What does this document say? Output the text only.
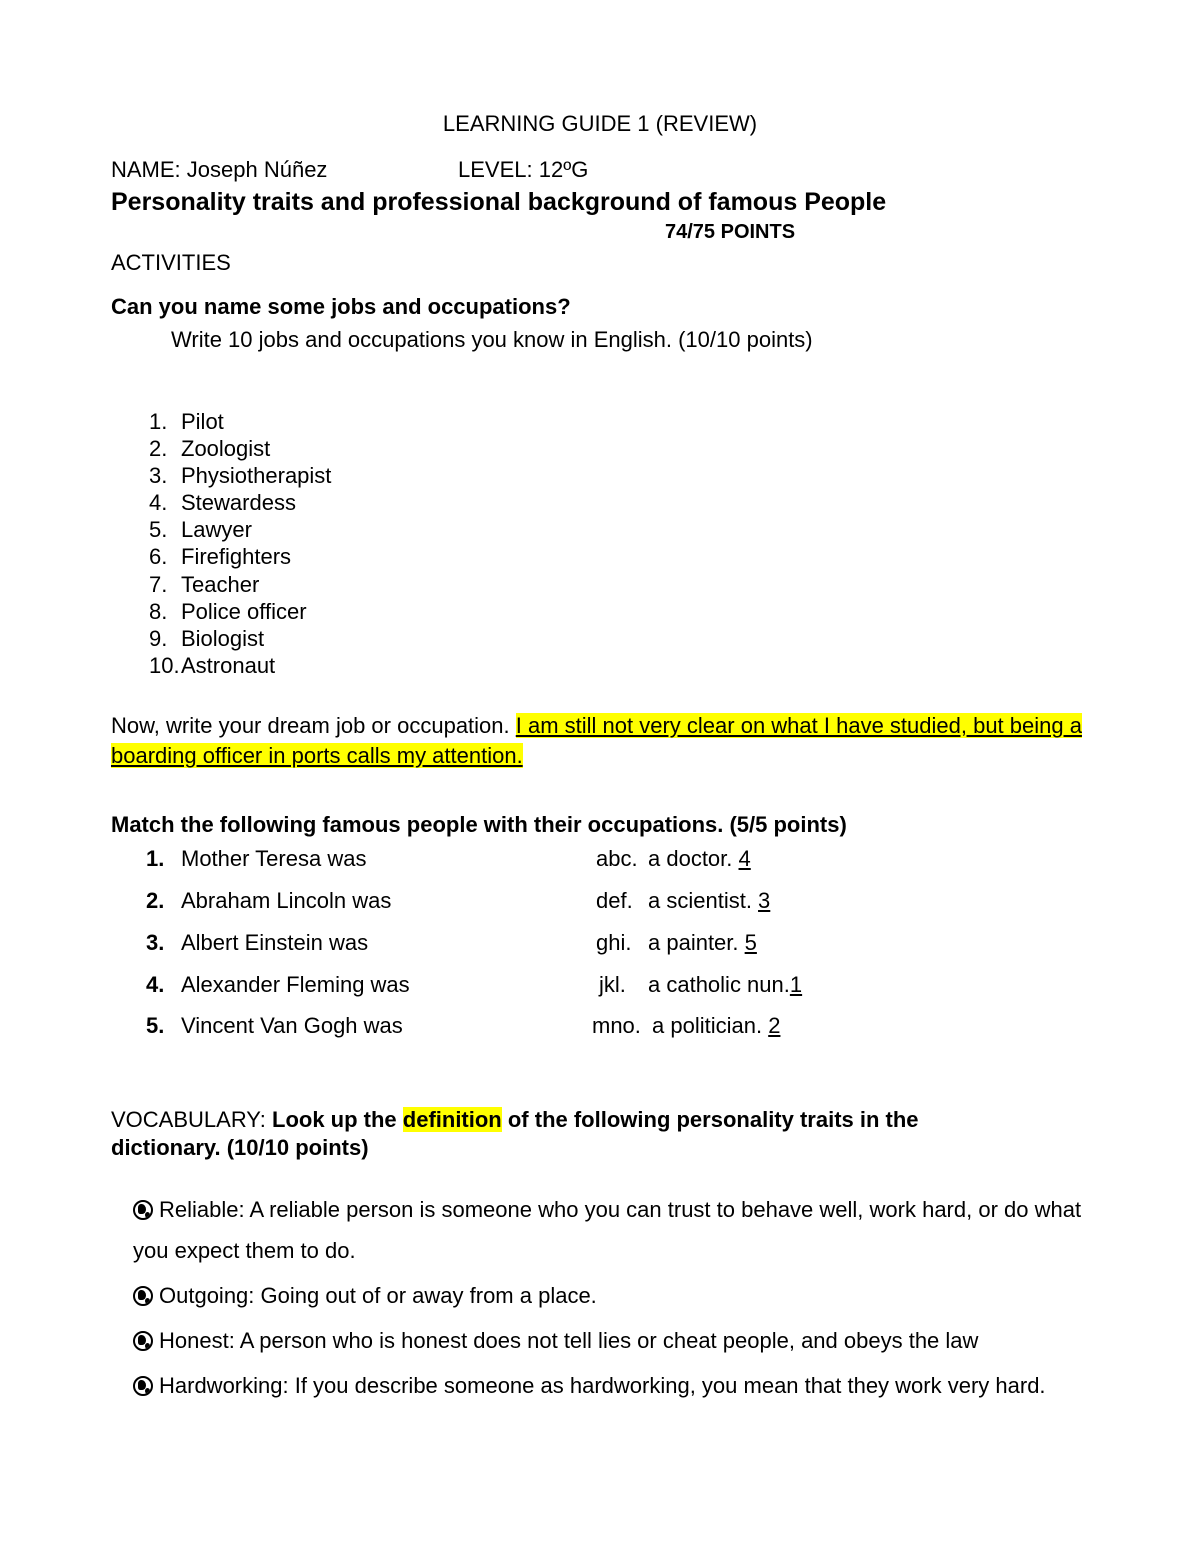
LEARNING GUIDE 1 (REVIEW)
NAME: Joseph Núñez	LEVEL: 12ºG
Personality traits and professional background of famous People
74/75 POINTS
ACTIVITIES
Can you name some jobs and occupations?
Write 10 jobs and occupations you know in English. (10/10 points)
1. Pilot
2. Zoologist
3. Physiotherapist
4. Stewardess
5. Lawyer
6. Firefighters
7. Teacher
8. Police officer
9. Biologist
10. Astronaut
Now, write your dream job or occupation. I am still not very clear on what I have studied, but being a boarding officer in ports calls my attention.
Match the following famous people with their occupations. (5/5 points)
1. Mother Teresa was	abc. a doctor. 4
2. Abraham Lincoln was	def. a scientist. 3
3. Albert Einstein was	ghi. a painter. 5
4. Alexander Fleming was	jkl. a catholic nun.1
5. Vincent Van Gogh was	mno. a politician. 2
VOCABULARY: Look up the definition of the following personality traits in the dictionary. (10/10 points)
Reliable: A reliable person is someone who you can trust to behave well, work hard, or do what you expect them to do.
Outgoing: Going out of or away from a place.
Honest: A person who is honest does not tell lies or cheat people, and obeys the law
Hardworking: If you describe someone as hardworking, you mean that they work very hard.
